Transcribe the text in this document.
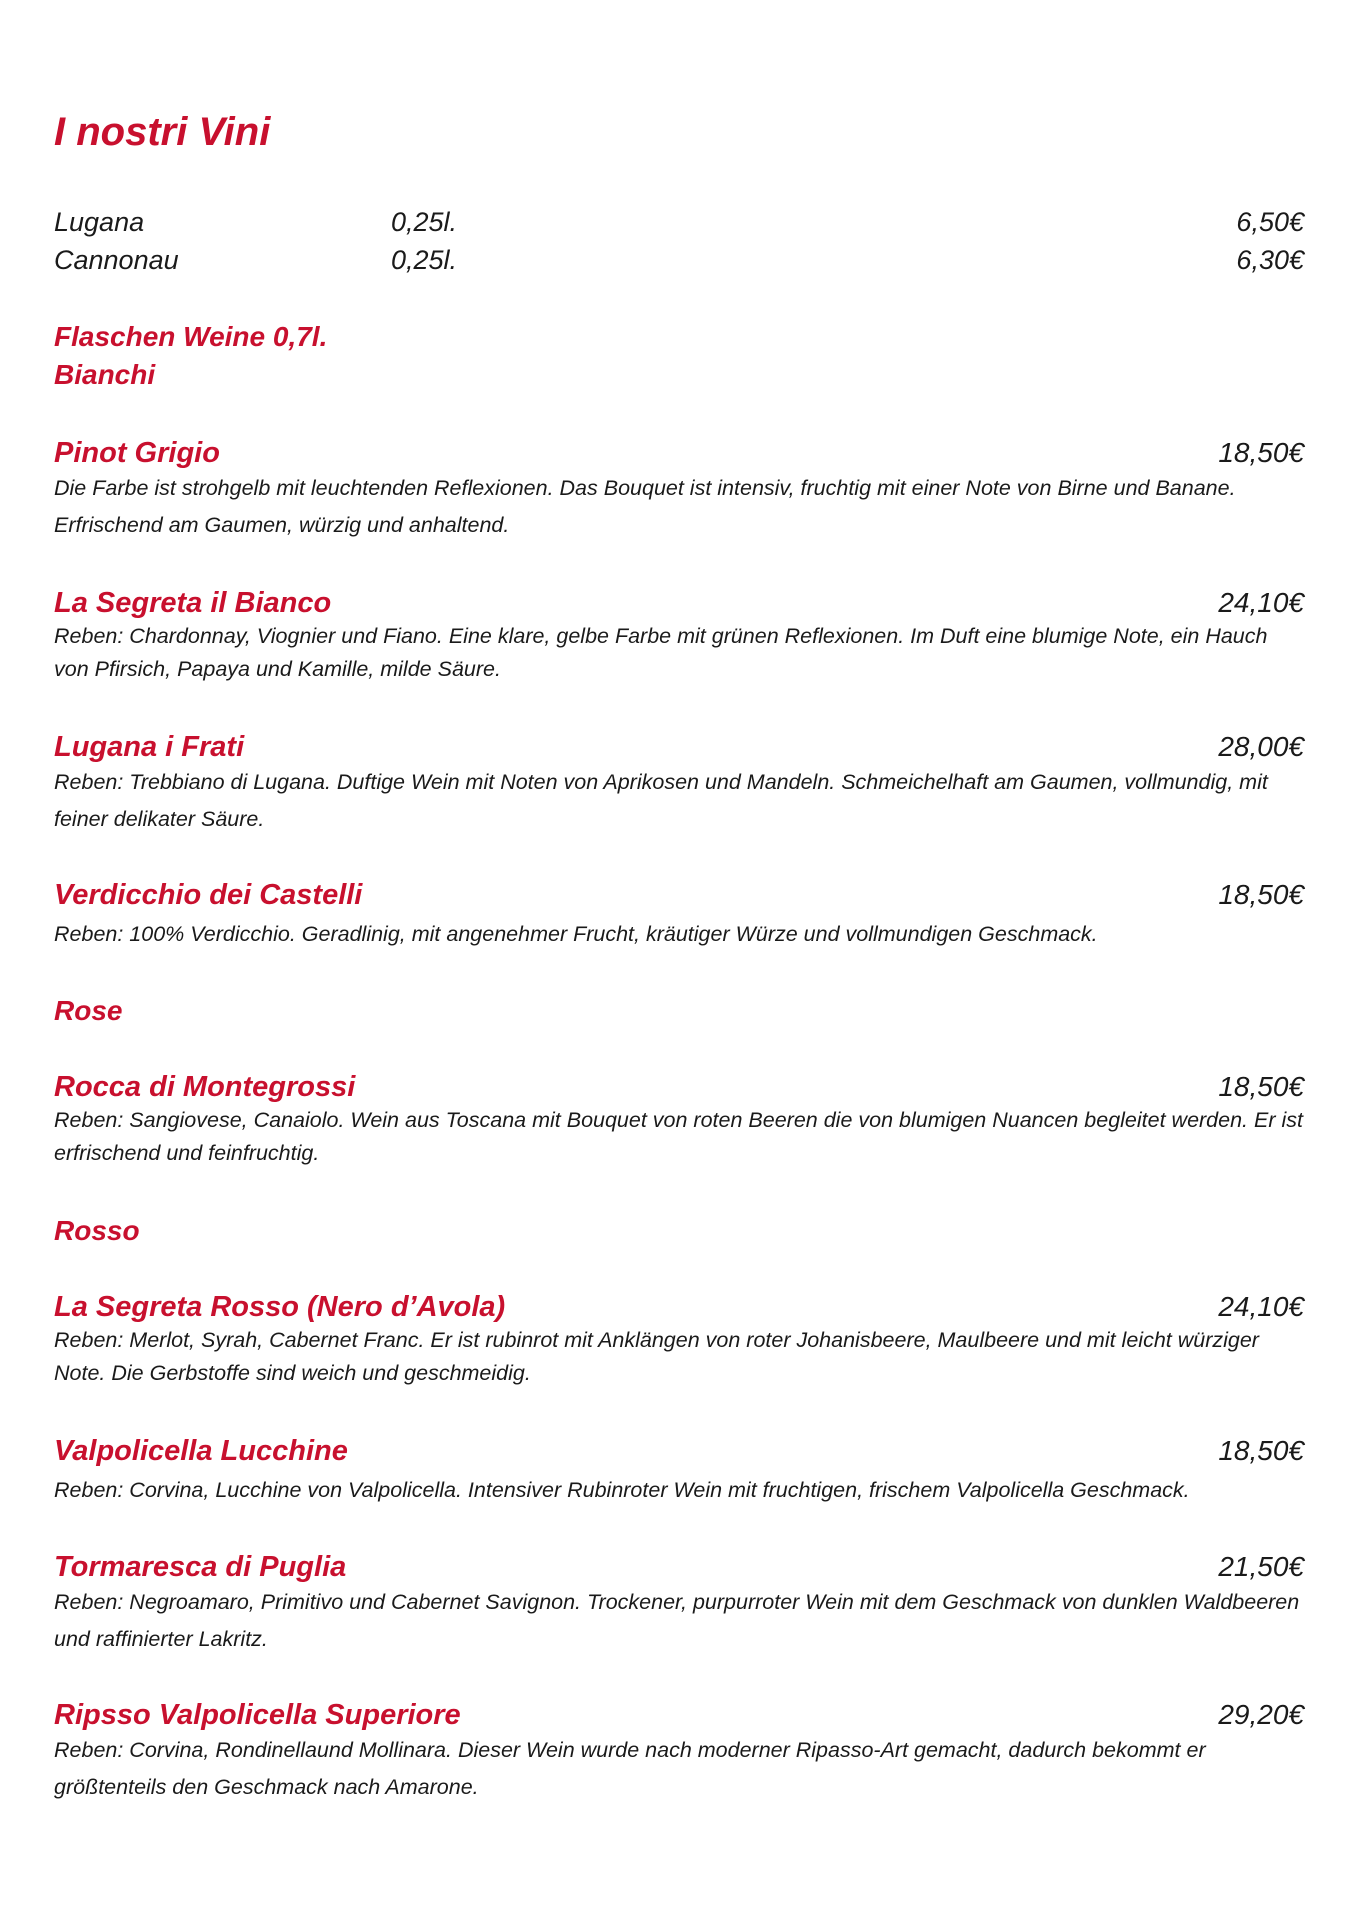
I nostri Vini
Lugana	0,25l.	6,50€
Cannonau	0,25l.	6,30€
Flaschen Weine 0,7l.
Bianchi
Pinot Grigio	18,50€
Die Farbe ist strohgelb mit leuchtenden Reflexionen. Das Bouquet ist intensiv, fruchtig mit einer Note von Birne und Banane. Erfrischend am Gaumen, würzig und anhaltend.
La Segreta il Bianco	24,10€
Reben: Chardonnay, Viognier und Fiano. Eine klare, gelbe Farbe mit grünen Reflexionen. Im Duft eine blumige Note, ein Hauch von Pfirsich, Papaya und Kamille, milde Säure.
Lugana i Frati	28,00€
Reben: Trebbiano di Lugana. Duftige Wein mit Noten von Aprikosen und Mandeln. Schmeichelhaft am Gaumen, vollmundig, mit feiner delikater Säure.
Verdicchio dei Castelli	18,50€
Reben: 100% Verdicchio. Geradlinig, mit angenehmer Frucht, kräutiger Würze und vollmundigen Geschmack.
Rose
Rocca di Montegrossi	18,50€
Reben: Sangiovese, Canaiolo. Wein aus Toscana mit Bouquet von roten Beeren die von blumigen Nuancen begleitet werden. Er ist erfrischend und feinfruchtig.
Rosso
La Segreta Rosso (Nero d’Avola)	24,10€
Reben: Merlot, Syrah, Cabernet Franc. Er ist rubinrot mit Anklängen von roter Johanisbeere, Maulbeere und mit leicht würziger Note. Die Gerbstoffe sind weich und geschmeidig.
Valpolicella Lucchine	18,50€
Reben: Corvina, Lucchine von Valpolicella. Intensiver Rubinroter Wein mit fruchtigen, frischem Valpolicella Geschmack.
Tormaresca di Puglia	21,50€
Reben: Negroamaro, Primitivo und Cabernet Savignon. Trockener, purpurroter Wein mit dem Geschmack von dunklen Waldbeeren und raffinierter Lakritz.
Ripsso Valpolicella Superiore	29,20€
Reben: Corvina, Rondinellaund Mollinara. Dieser Wein wurde nach moderner Ripasso-Art gemacht, dadurch bekommt er größtenteils den Geschmack nach Amarone.
